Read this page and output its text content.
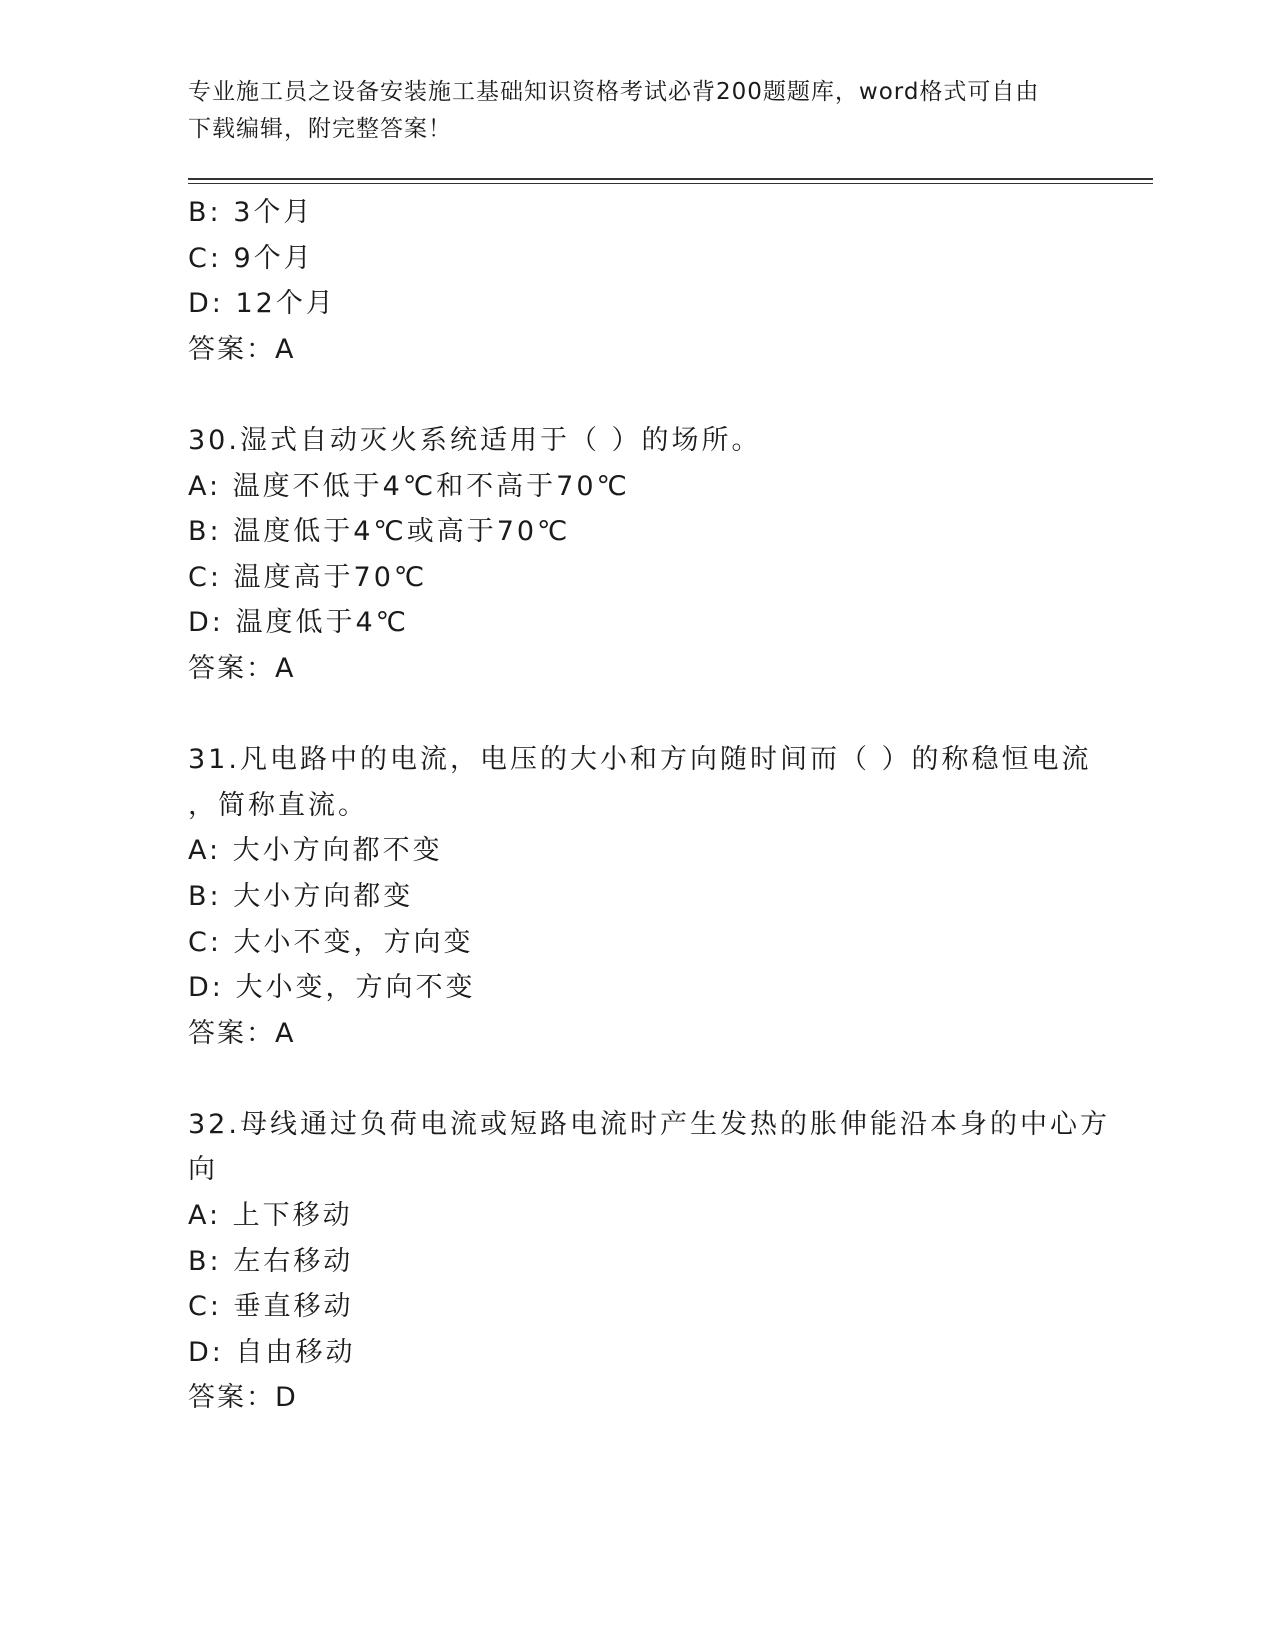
专业施工员之设备安装施工基础知识资格考试必背200题题库，word格式可自由
下载编辑，附完整答案！
B: 3个月
C: 9个月
D: 12个月
答案：A
30.湿式自动灭火系统适用于（ ）的场所。
A: 温度不低于4℃和不高于70℃
B: 温度低于4℃或高于70℃
C: 温度高于70℃
D: 温度低于4℃
答案：A
31.凡电路中的电流，电压的大小和方向随时间而（ ）的称稳恒电流
，简称直流。
A: 大小方向都不变
B: 大小方向都变
C: 大小不变，方向变
D: 大小变，方向不变
答案：A
32.母线通过负荷电流或短路电流时产生发热的胀伸能沿本身的中心方
向
A: 上下移动
B: 左右移动
C: 垂直移动
D: 自由移动
答案：D
